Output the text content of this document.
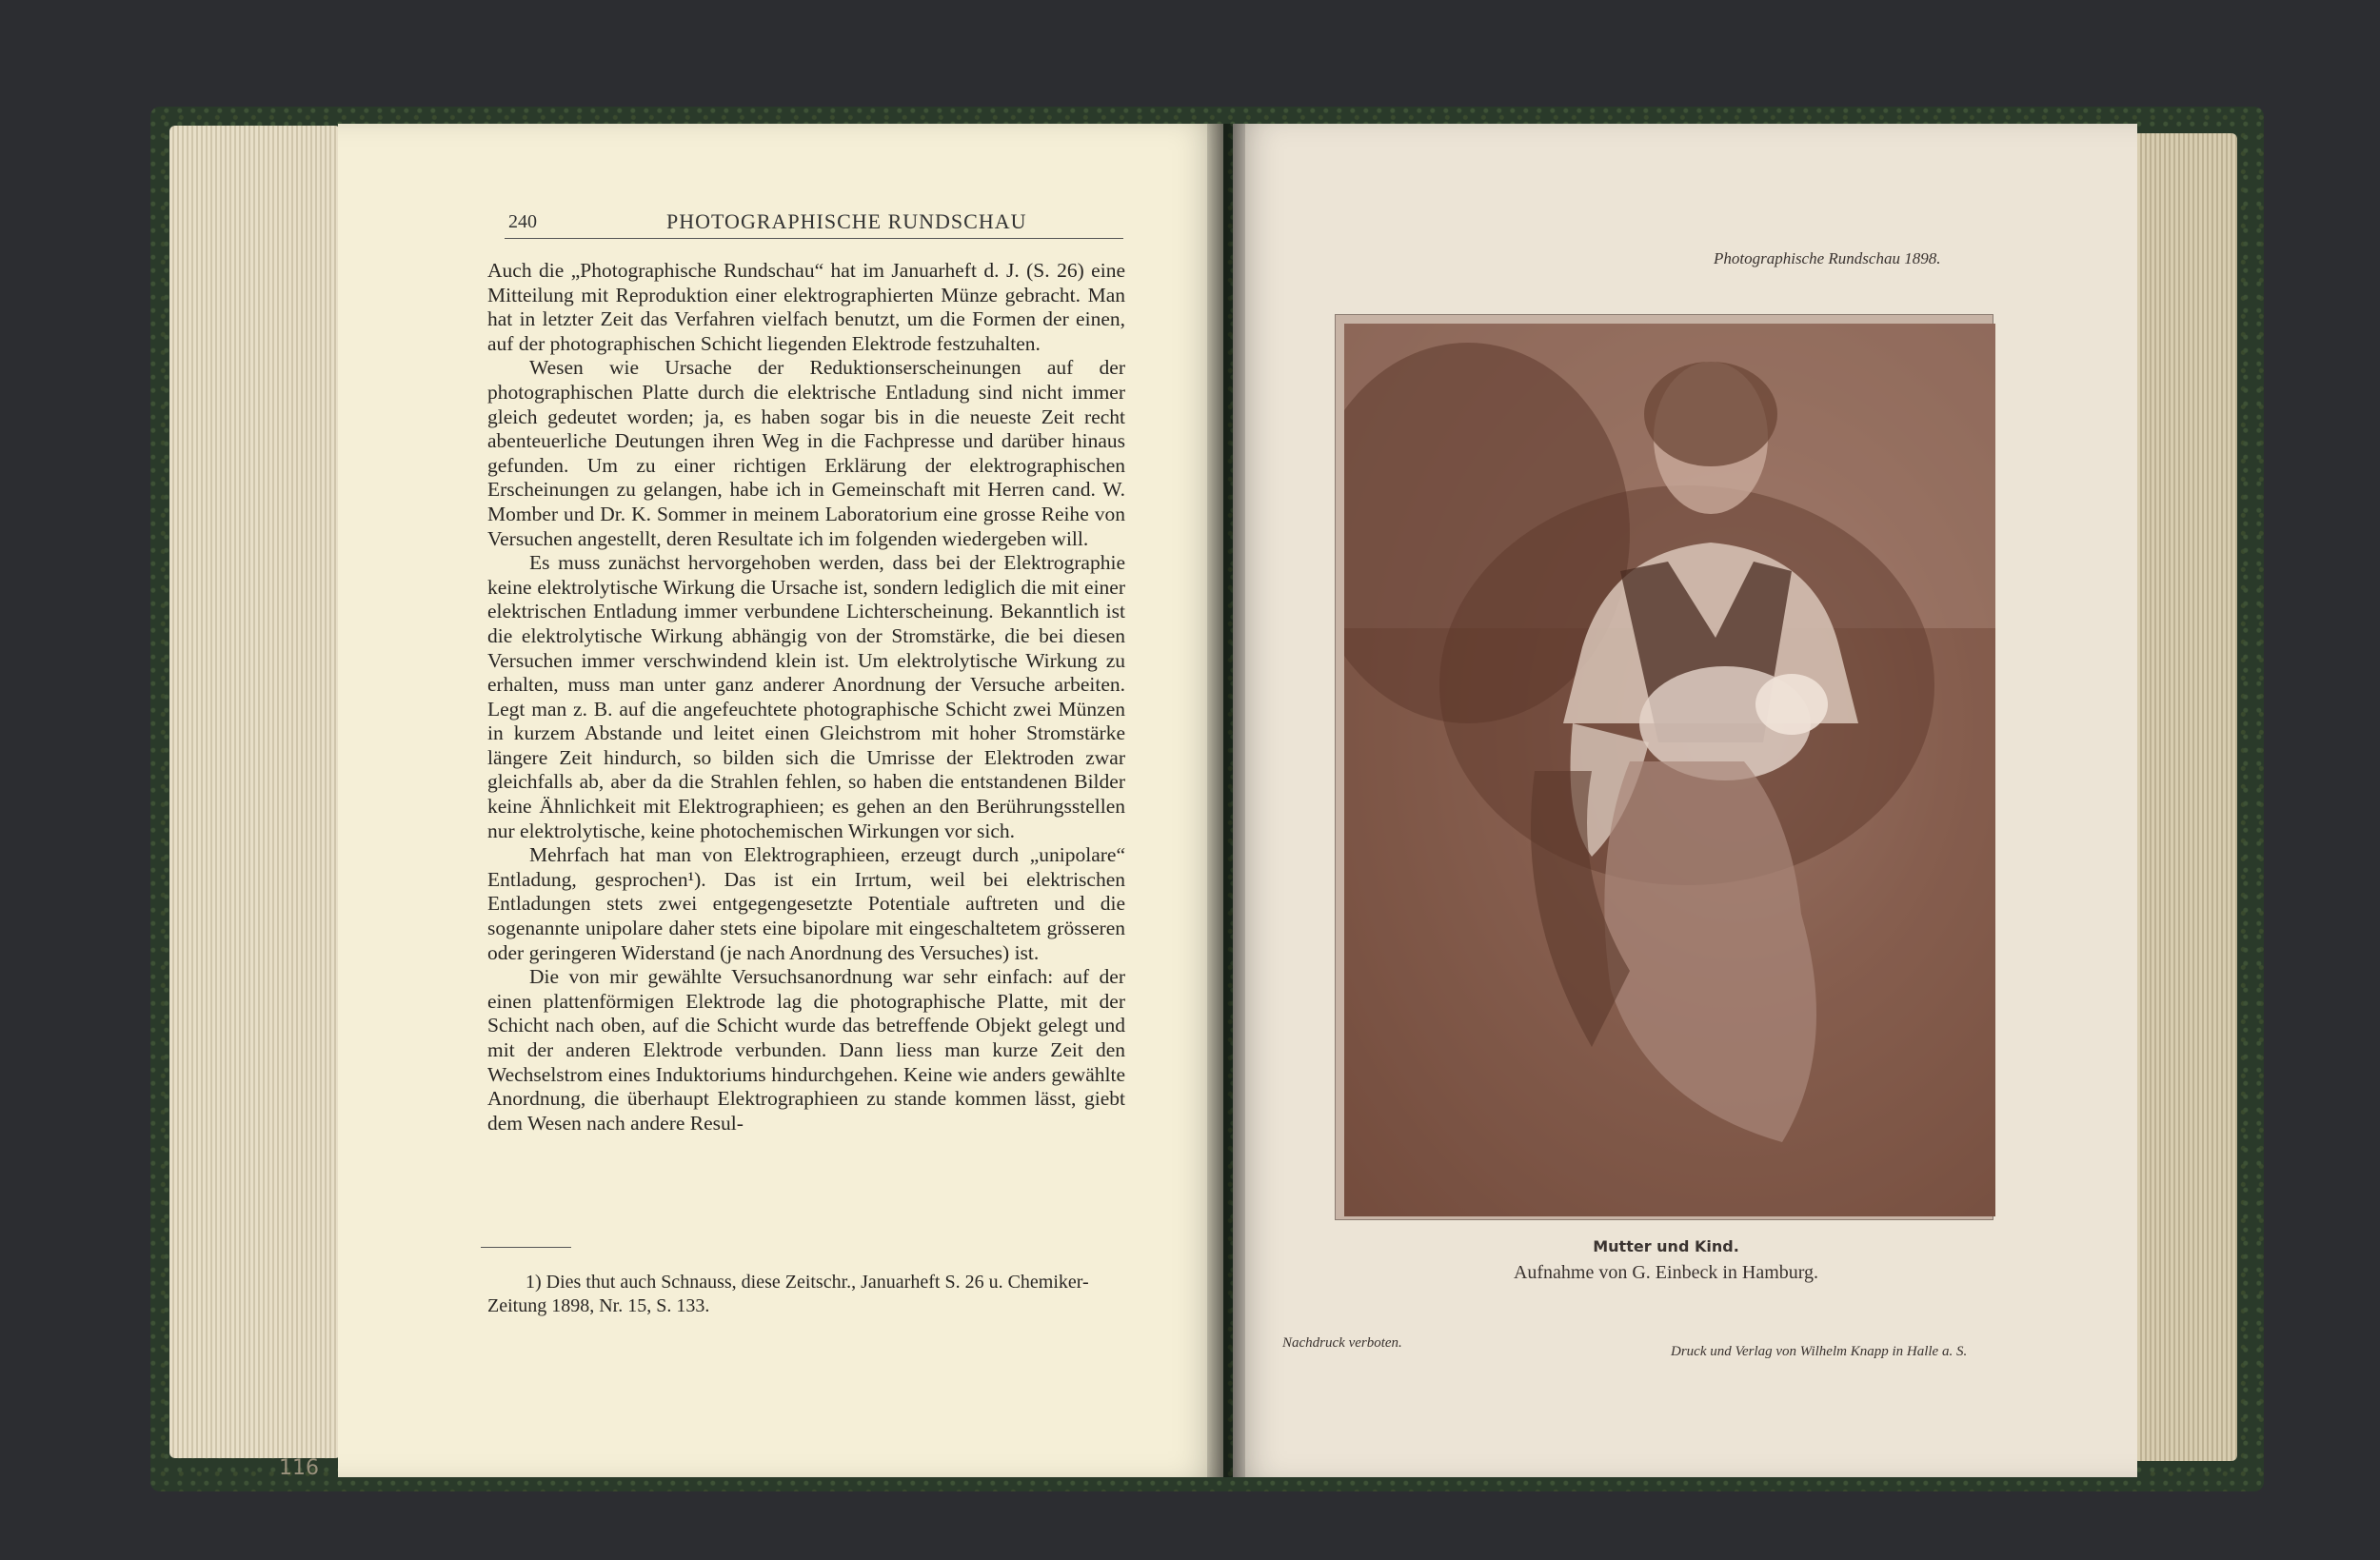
240	PHOTOGRAPHISCHE RUNDSCHAU

Auch die „Photographische Rundschau“ hat im Januarheft d. J. (S. 26) eine Mitteilung mit Reproduktion einer elektrographierten Münze gebracht. Man hat in letzter Zeit das Verfahren vielfach benutzt, um die Formen der einen, auf der photographischen Schicht liegenden Elektrode festzuhalten.

Wesen wie Ursache der Reduktionserscheinungen auf der photographischen Platte durch die elektrische Entladung sind nicht immer gleich gedeutet worden; ja, es haben sogar bis in die neueste Zeit recht abenteuerliche Deutungen ihren Weg in die Fachpresse und darüber hinaus gefunden. Um zu einer richtigen Erklärung der elektrographischen Erscheinungen zu gelangen, habe ich in Gemeinschaft mit Herren cand. W. Momber und Dr. K. Sommer in meinem Laboratorium eine grosse Reihe von Versuchen angestellt, deren Resultate ich im folgenden wiedergeben will.

Es muss zunächst hervorgehoben werden, dass bei der Elektrographie keine elektrolytische Wirkung die Ursache ist, sondern lediglich die mit einer elektrischen Entladung immer verbundene Lichterscheinung. Bekanntlich ist die elektrolytische Wirkung abhängig von der Stromstärke, die bei diesen Versuchen immer verschwindend klein ist. Um elektrolytische Wirkung zu erhalten, muss man unter ganz anderer Anordnung der Versuche arbeiten. Legt man z. B. auf die angefeuchtete photographische Schicht zwei Münzen in kurzem Abstande und leitet einen Gleichstrom mit hoher Stromstärke längere Zeit hindurch, so bilden sich die Umrisse der Elektroden zwar gleichfalls ab, aber da die Strahlen fehlen, so haben die entstandenen Bilder keine Ähnlichkeit mit Elektrographieen; es gehen an den Berührungsstellen nur elektrolytische, keine photochemischen Wirkungen vor sich.

Mehrfach hat man von Elektrographieen, erzeugt durch „unipolare“ Entladung, gesprochen¹). Das ist ein Irrtum, weil bei elektrischen Entladungen stets zwei entgegengesetzte Potentiale auftreten und die sogenannte unipolare daher stets eine bipolare mit eingeschaltetem grösseren oder geringeren Widerstand (je nach Anordnung des Versuches) ist.

Die von mir gewählte Versuchsanordnung war sehr einfach: auf der einen plattenförmigen Elektrode lag die photographische Platte, mit der Schicht nach oben, auf die Schicht wurde das betreffende Objekt gelegt und mit der anderen Elektrode verbunden. Dann liess man kurze Zeit den Wechselstrom eines Induktoriums hindurchgehen. Keine wie anders gewählte Anordnung, die überhaupt Elektrographieen zu stande kommen lässt, giebt dem Wesen nach andere Resul-

1) Dies thut auch Schnauss, diese Zeitschr., Januarheft S. 26 u. Chemiker-Zeitung 1898, Nr. 15, S. 133.
116
Photographische Rundschau 1898.
Mutter und Kind.
Aufnahme von G. Einbeck in Hamburg.
Nachdruck verboten.
Druck und Verlag von Wilhelm Knapp in Halle a. S.
